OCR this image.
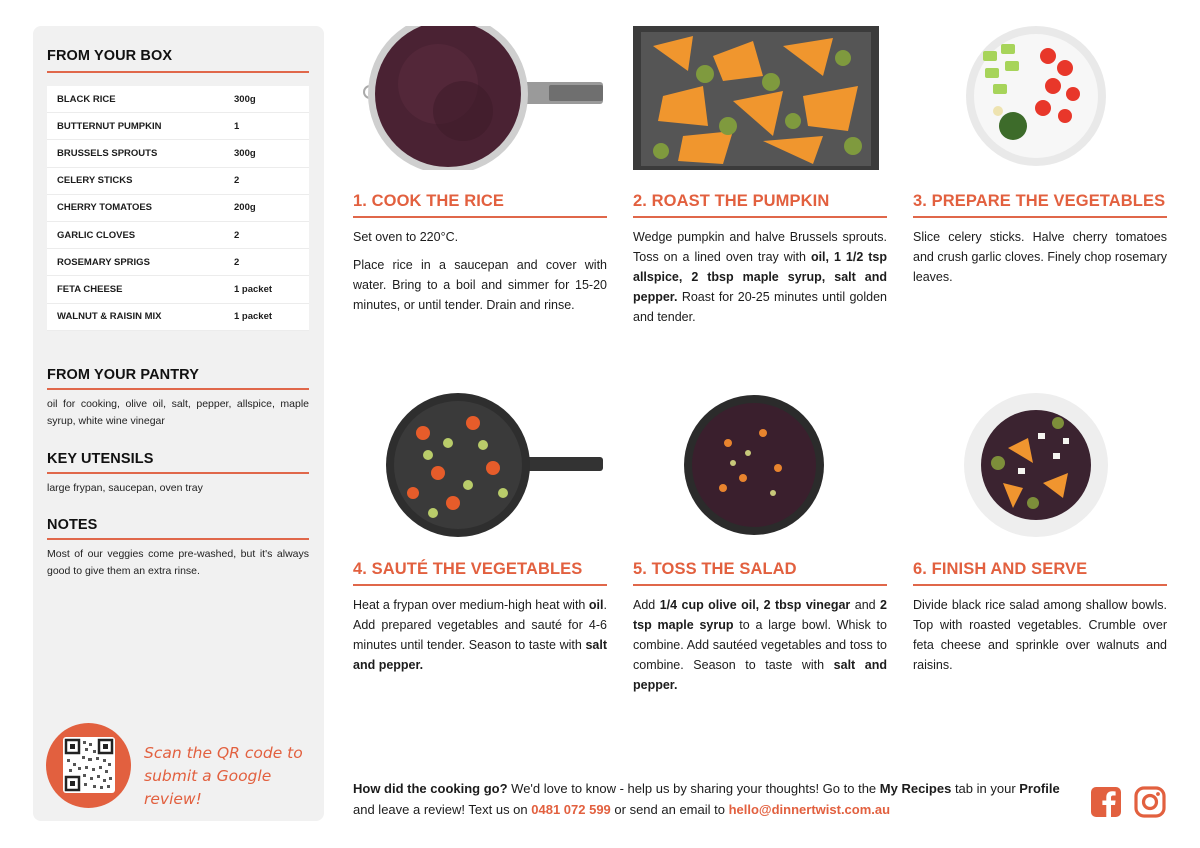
FROM YOUR BOX
BLACK RICE	300g
BUTTERNUT PUMPKIN	1
BRUSSELS SPROUTS	300g
CELERY STICKS	2
CHERRY TOMATOES	200g
GARLIC CLOVES	2
ROSEMARY SPRIGS	2
FETA CHEESE	1 packet
WALNUT & RAISIN MIX	1 packet
FROM YOUR PANTRY
oil for cooking, olive oil, salt, pepper, allspice, maple syrup, white wine vinegar
KEY UTENSILS
large frypan, saucepan, oven tray
NOTES
Most of our veggies come pre-washed, but it's always good to give them an extra rinse.
Scan the QR code to
submit a Google review!
1. COOK THE RICE

Set oven to 220°C.

Place rice in a saucepan and cover with water. Bring to a boil and simmer for 15-20 minutes, or until tender. Drain and rinse.

2. ROAST THE PUMPKIN

Wedge pumpkin and halve Brussels sprouts. Toss on a lined oven tray with oil, 1 1/2 tsp allspice, 2 tbsp maple syrup, salt and pepper. Roast for 20-25 minutes until golden and tender.

3. PREPARE THE VEGETABLES

Slice celery sticks. Halve cherry tomatoes and crush garlic cloves. Finely chop rosemary leaves.

4. SAUTÉ THE VEGETABLES

Heat a frypan over medium-high heat with oil. Add prepared vegetables and sauté for 4-6 minutes until tender. Season to taste with salt and pepper.

5. TOSS THE SALAD

Add 1/4 cup olive oil, 2 tbsp vinegar and 2 tsp maple syrup to a large bowl. Whisk to combine. Add sautéed vegetables and toss to combine. Season to taste with salt and pepper.

6. FINISH AND SERVE

Divide black rice salad among shallow bowls. Top with roasted vegetables. Crumble over feta cheese and sprinkle over walnuts and raisins.

How did the cooking go? We'd love to know - help us by sharing your thoughts! Go to the My Recipes tab in your Profile and leave a review! Text us on 0481 072 599 or send an email to hello@dinnertwist.com.au
